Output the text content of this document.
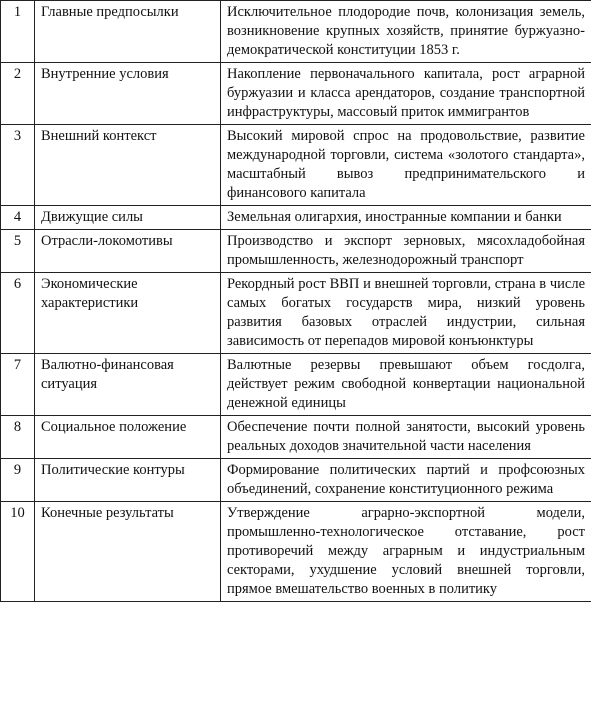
1	Главные предпосылки	Исключительное плодородие почв, колонизация земель, возникновение крупных хозяйств, принятие буржуазно-демократической конституции 1853 г.
2	Внутренние условия	Накопление первоначального капитала, рост аграрной буржуазии и класса арендаторов, создание транспортной инфраструктуры, массовый приток иммигрантов
3	Внешний контекст	Высокий мировой спрос на продовольствие, развитие международной торговли, система «золотого стандарта», масштабный вывоз предпринимательского и финансового капитала
4	Движущие силы	Земельная олигархия, иностранные компании и банки
5	Отрасли-локомотивы	Производство и экспорт зерновых, мясохладобойная промышленность, железнодорожный транспорт
6	Экономические характеристики	Рекордный рост ВВП и внешней торговли, страна в числе самых богатых государств мира, низкий уровень развития базовых отраслей индустрии, сильная зависимость от перепадов мировой конъюнктуры
7	Валютно-финансовая ситуация	Валютные резервы превышают объем госдолга, действует режим свободной конвертации национальной денежной единицы
8	Социальное положение	Обеспечение почти полной занятости, высокий уровень реальных доходов значительной части населения
9	Политические контуры	Формирование политических партий и профсоюзных объединений, сохранение конституционного режима
10	Конечные результаты	Утверждение аграрно-экспортной модели, промышленно-технологическое отставание, рост противоречий между аграрным и индустриальным секторами, ухудшение условий внешней торговли, прямое вмешательство военных в политику
